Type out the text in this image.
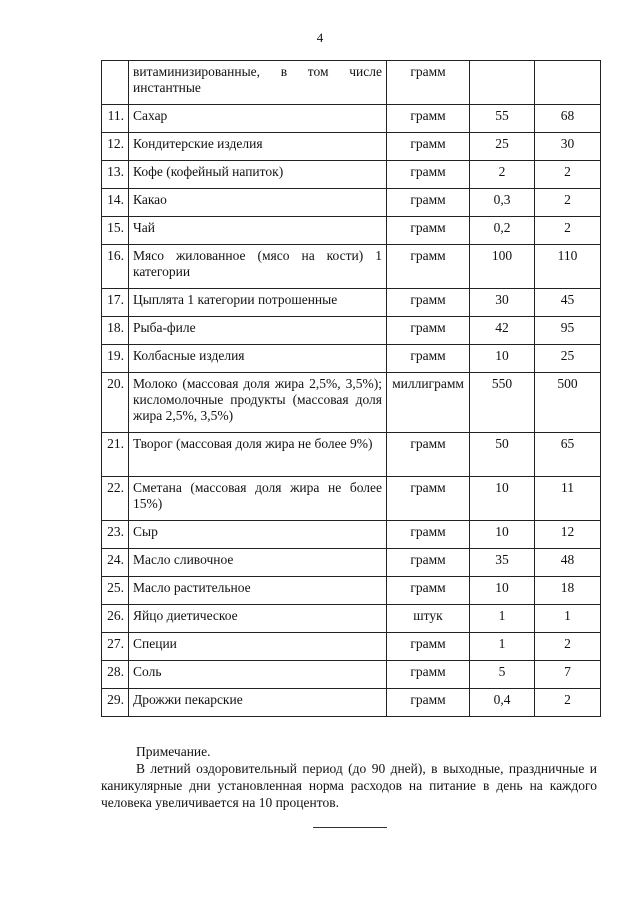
4
	витаминизированные, в том числе инстантные	грамм		
11.	Сахар	грамм	55	68
12.	Кондитерские изделия	грамм	25	30
13.	Кофе (кофейный напиток)	грамм	2	2
14.	Какао	грамм	0,3	2
15.	Чай	грамм	0,2	2
16.	Мясо жилованное (мясо на кости) 1 категории	грамм	100	110
17.	Цыплята 1 категории потрошенные	грамм	30	45
18.	Рыба-филе	грамм	42	95
19.	Колбасные изделия	грамм	10	25
20.	Молоко (массовая доля жира 2,5%, 3,5%); кисломолочные продукты (массовая доля жира 2,5%, 3,5%)	миллиграмм	550	500
21.	Творог (массовая доля жира не более 9%)	грамм	50	65
22.	Сметана (массовая доля жира не более 15%)	грамм	10	11
23.	Сыр	грамм	10	12
24.	Масло сливочное	грамм	35	48
25.	Масло растительное	грамм	10	18
26.	Яйцо диетическое	штук	1	1
27.	Специи	грамм	1	2
28.	Соль	грамм	5	7
29.	Дрожжи пекарские	грамм	0,4	2
Примечание.
В летний оздоровительный период (до 90 дней), в выходные, праздничные и каникулярные дни установленная норма расходов на питание в день на каждого человека увеличивается на 10 процентов.
